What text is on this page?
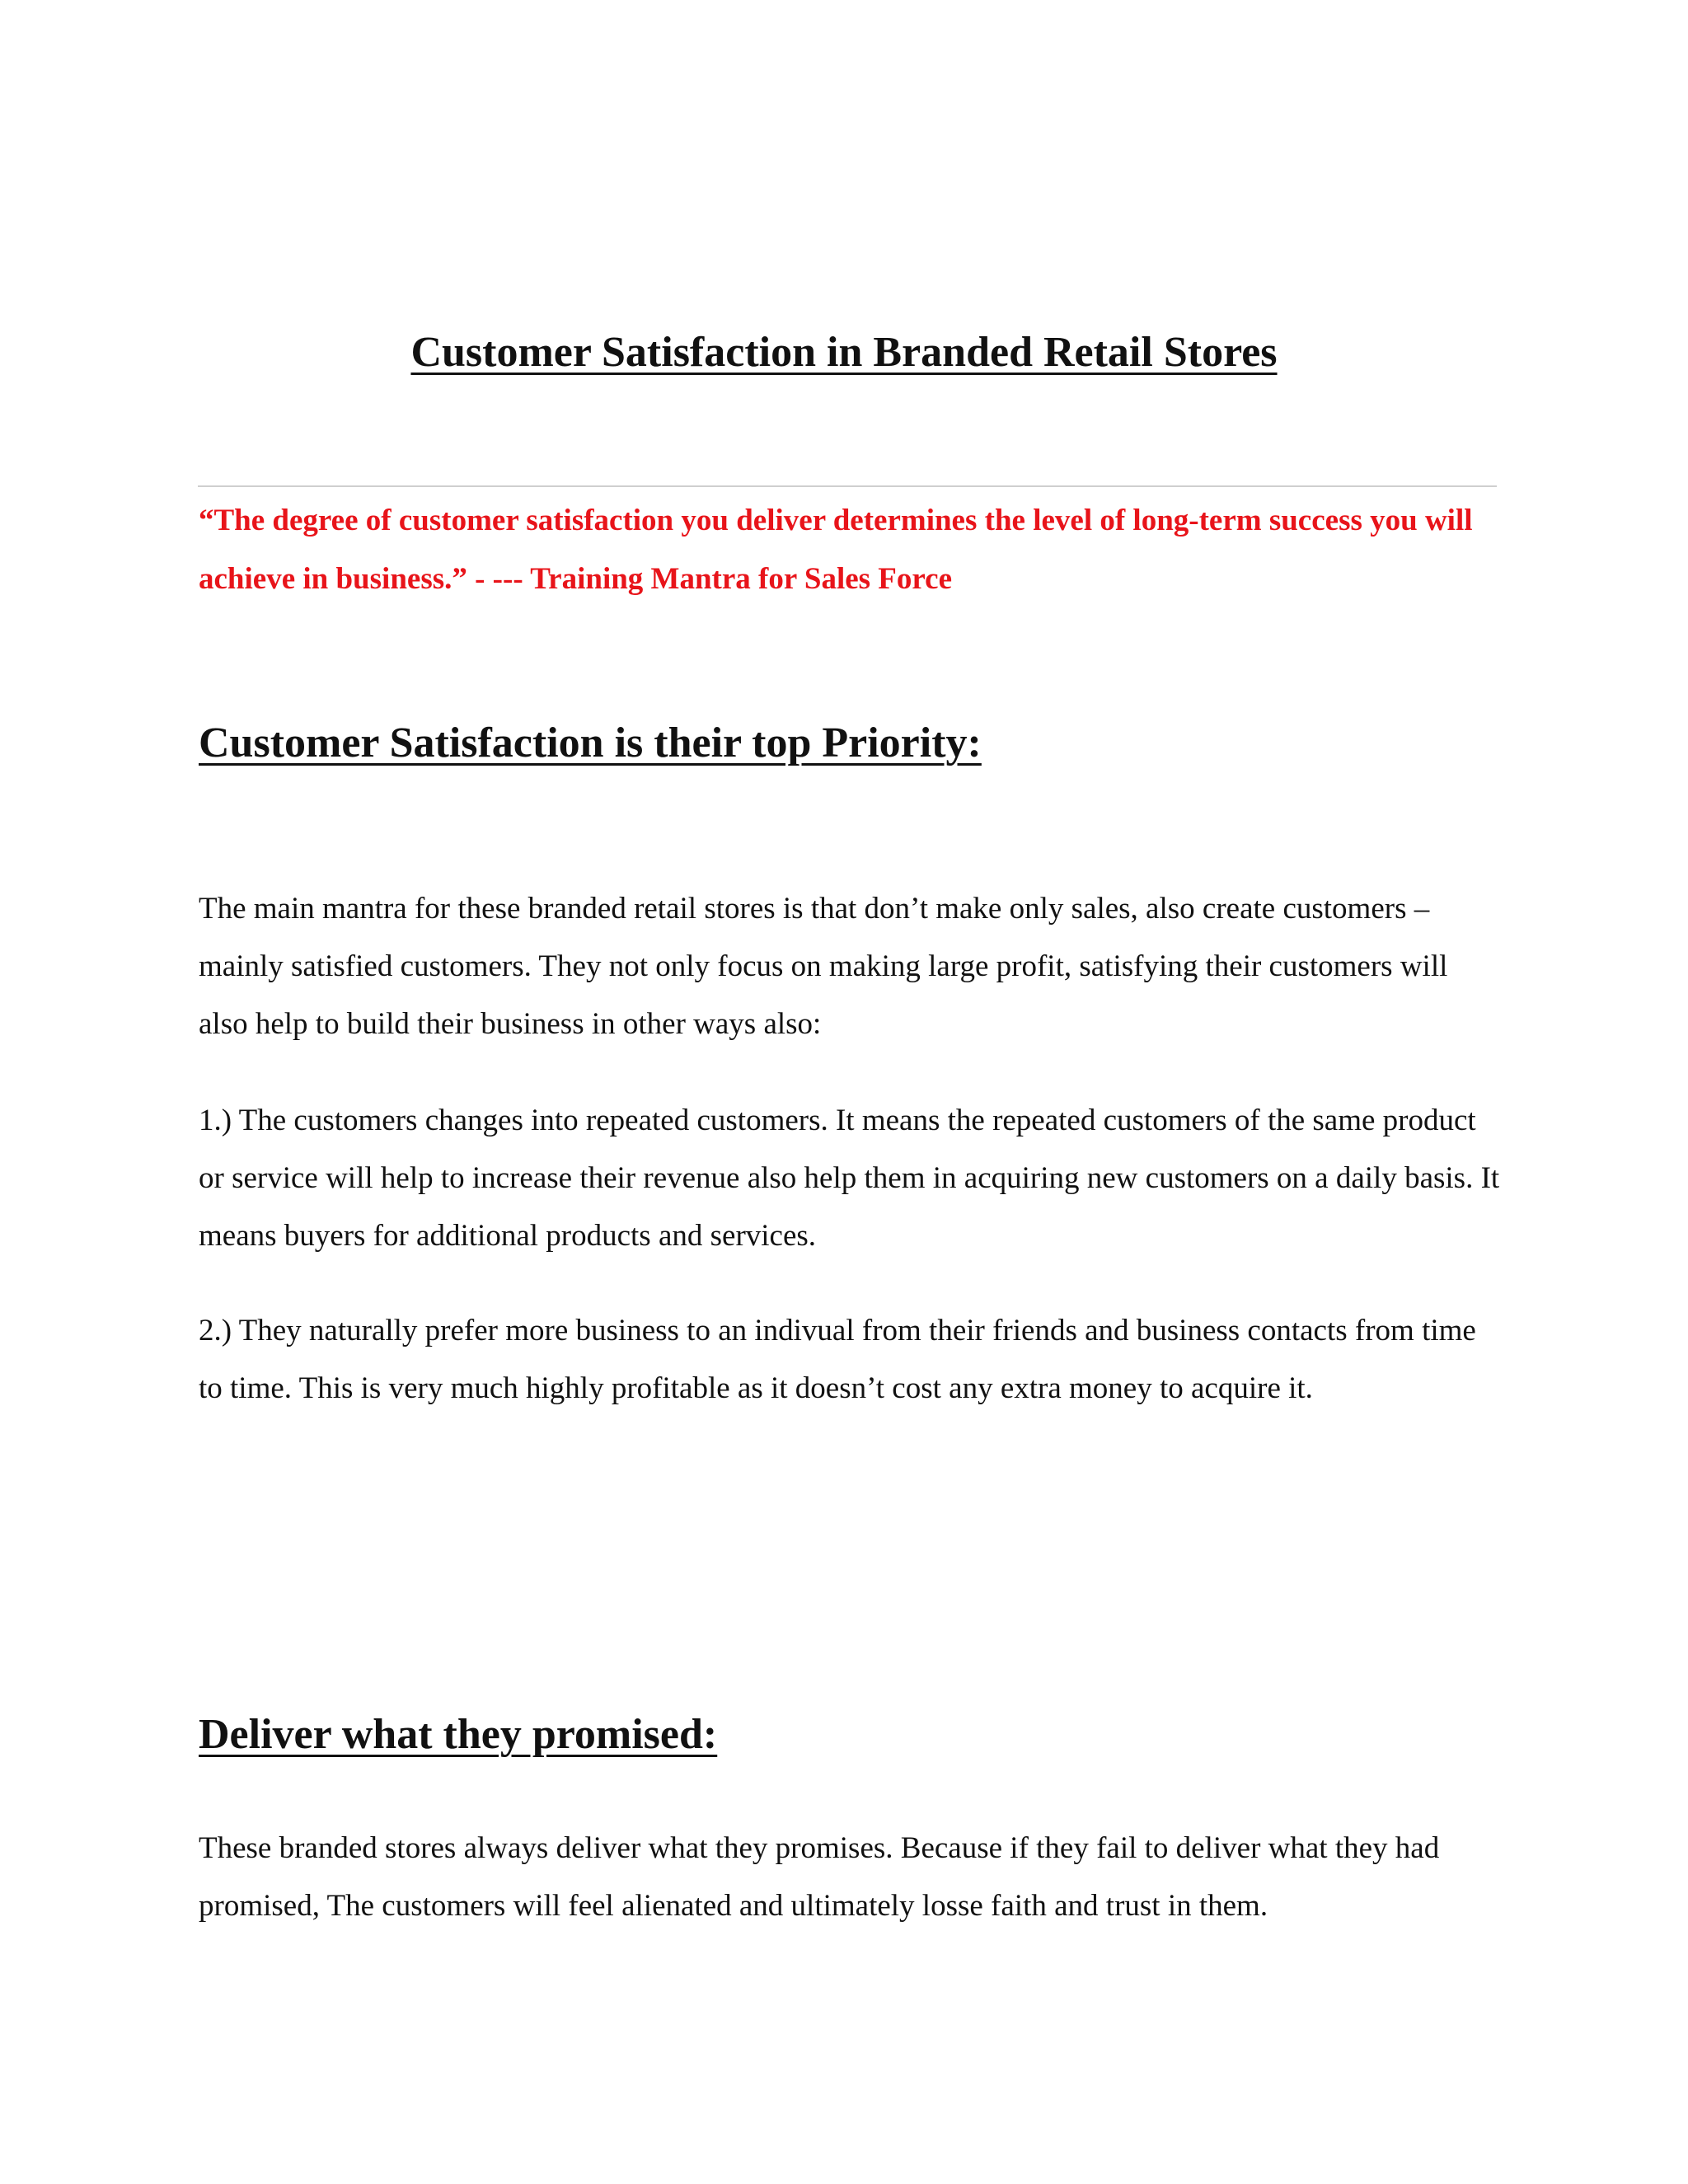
Customer Satisfaction in Branded Retail Stores

“The degree of customer satisfaction you deliver determines the level of long-term success you will achieve in business.” - --- Training Mantra for Sales Force

Customer Satisfaction is their top Priority:

The main mantra for these branded retail stores is that don’t make only sales, also create customers – mainly satisfied customers. They not only focus on making large profit, satisfying their customers will also help to build their business in other ways also:

1.) The customers changes into repeated customers. It means the repeated customers of the same product or service will help to increase their revenue also help them in acquiring new customers on a daily basis. It means buyers for additional products and services.

2.) They naturally prefer more business to an indivual from their friends and business contacts from time to time. This is very much highly profitable as it doesn’t cost any extra money to acquire it.

Deliver what they promised:

These branded stores always deliver what they promises. Because if they fail to deliver what they had promised, The customers will feel alienated and ultimately losse faith and trust in them.
